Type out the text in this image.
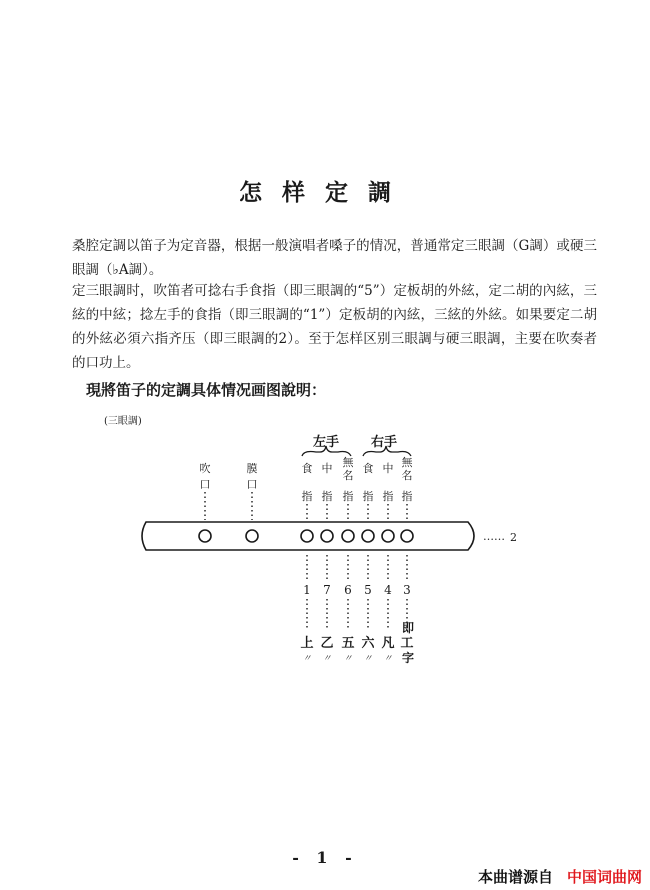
怎样定調
桑腔定調以笛子为定音器，根据一般演唱者嗓子的情况，普通常定三眼調（G調）或硬三眼調（♭A調）。
定三眼調时，吹笛者可捻右手食指（即三眼調的“5”）定板胡的外絃，定二胡的內絃，三絃的中絃；捻左手的食指（即三眼調的“1”）定板胡的內絃，三絃的外絃。如果要定二胡的外絃必須六指齐压（即三眼調的2）。至于怎样区别三眼調与硬三眼調，主要在吹奏者的口功上。
現將笛子的定調具体情况画图說明：
(三眼調)
左手 右手
吹
口
膜
口
食
指
中
指
無
名
指
食
指
中
指
無
名
指
…… 2
1
上
〃
7
乙
〃
6
五
〃
5
六
〃
4
凡
〃
3
工
即
字
- 1 -
本曲谱源自 中国词曲网
